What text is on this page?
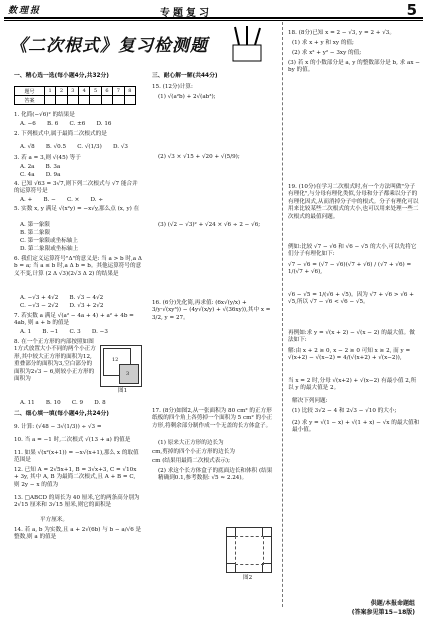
数理报	专题复习	5
《二次根式》复习检测题
一、精心选一选(每小题4分,共32分)
题号	1	2	3	4	5	6	7	8
答案								
1. 化简(−√6)² 的结果是
A. −6　　B. 6　　C. ±6　　D. 16
2. 下列根式中,属于最简二次根式的是
A. √8　　B. √0.5　　C. √(1/3)　　D. √3
3. 若 a = 3,则 √(45) 等于
A. 2a　　B. 3a
C. 4a　　D. 9a
4. 已知 √63 = 3√7,则下列二次根式与 √7 能合并的运算符号是
A. +　　B. −　　C. ×　　D. ÷
5. 实数 x, y 满足 √(x²y) = −x√y,那么点 (x, y) 在
A. 第一象限
B. 第二象限
C. 第一象限或坐标轴上
D. 第二象限或坐标轴上
6. 我们定义运算符号"Δ"的意义是: 当 a > b 时,a Δ b = a; 当 a ≤ b 时,a Δ b = b。其他运算符号的意义不变,计算 (2 Δ √3)(2√3 Δ 2) 的结果是
A. −√3 + 4√2　　B. √3 − 4√2
C. −√3 − 2√2　　D. √3 + 2√2
7. 若实数 a 满足 √(a² − 4a + 4) + a² + 4b = 4ab, 则 a + b 的值是
A. 1　　B. −1　　C. 3　　D. −3
8. 在一个正方形的内部按照如图1方式放置大小不同的两个小正方形,其中较大正方形的面积为12,重叠部分的面积为3,空白部分的面积为2√3 − 6,则较小正方形的面积为
12
3
图1
A. 11　　B. 10　　C. 9　　D. 8
二、细心填一填(每小题4分,共24分)
9. 计算: (√48 − 3√(1/3)) ÷ √3 =
10. 当 a = −1 时,二次根式 √(13 + a) 的值是
11. 如果 √(x²(x+1)) = −x√(x+1),那么 x 的取值范围是
12. 已知 A = 2√5x+1, B = 3√x+3, C = √10x + 3y, 其中 A, B 为最简二次根式,且 A + B = C, 则 2y − x 的值为
13. □ABCD 的周长为 40 厘米,它的两条高分别为 2√15 厘米和 3√15 厘米,则它的面积是
平方厘米。
14. 若 a, b 为实数,且 a + 2√(6b) 与 b − a/√6 是整数,则 a 的值是
三、耐心解一解(共44分)
15. (12分)计算:
(1) √(a²b) + 2√(ab³);
(2) √3 × √15 + √20 + √(5/9);
(3) (√2 − √3)² + √24 × √6 ÷ 2 − √6;
16. (6分)先化简,再求值: (6x√(y/x) + 3/y·√(xy³)) − (4y√(x/y) + √(36xy)),其中 x = 3/2, y = 27。
17. (8分)如图2,从一张面积为 80 cm² 的正方形纸板的四个角上各剪掉一个面积为 5 cm² 的小正方形,将剩余部分制作成一个无盖的长方体盒子。
(1) 原来大正方形的边长为
cm,剪掉的四个小正方形的边长为
cm (结果用最简二次根式表示);
(2) 求这个长方体盒子的底面边长和体积 (结果精确到0.1,参考数据: √5 ≈ 2.24)。
图2
18. (8分)已知 x = 2 − √3, y = 2 + √3。
(1) 求 x + y 和 xy 的值;
(2) 求 x² + y² − 3xy 的值;
(3) 若 x 的小数部分是 a, y 的整数部分是 b, 求 ax − by 的值。
19. (10分)在学习二次根式时,有一个方法叫做"分子有理化",与分母有理化类似,分母和分子都乘以分子的有理化因式,从而消掉分子中的根式。分子有理化可以用来比较某些二次根式的大小,也可以用来处理一些二次根式的最值问题。
例如:比较 √7 − √6 和 √6 − √5 的大小,可以先将它们分子有理化如下:
√7 − √6 = (√7 − √6)(√7 + √6) / (√7 + √6) = 1/(√7 + √6),
√6 − √5 = 1/(√6 + √5)。因为 √7 + √6 > √6 + √5,所以 √7 − √6 < √6 − √5。
再例如:求 y = √(x + 2) − √(x − 2) 的最大值。做法如下:
解:由 x + 2 ≥ 0, x − 2 ≥ 0 可知 x ≥ 2, 而 y = √(x+2) − √(x−2) = 4/(√(x+2) + √(x−2)),
当 x = 2 时,分母 √(x+2) + √(x−2) 有最小值 2,所以 y 的最大值是 2。
解决下列问题:
(1) 比较 3√2 − 4 和 2√3 − √10 的大小;
(2) 求 y = √(1 − x) + √(1 + x) − √x 的最大值和最小值。
供题/本报命题组
(答案参见第15−18版)
